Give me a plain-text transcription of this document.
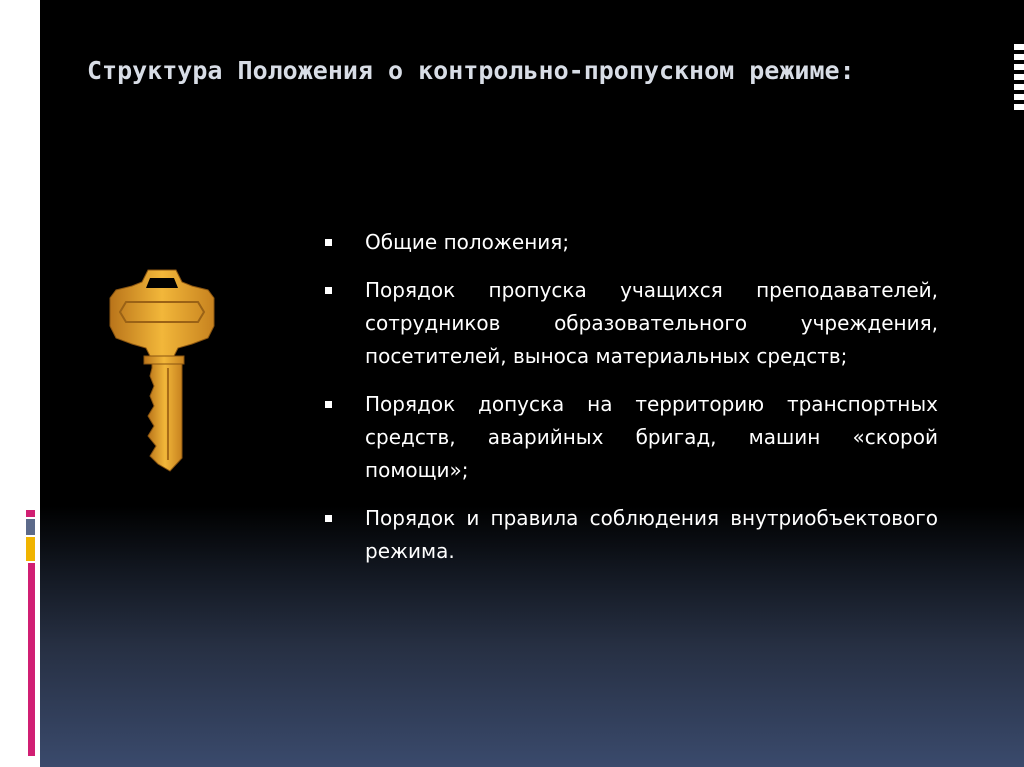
Структура Положения о контрольно-пропускном режиме:
Общие положения;
Порядок пропуска учащихся преподавателей, сотрудников образовательного учреждения, посетителей, выноса материальных средств;
Порядок допуска на территорию транспортных средств, аварийных бригад, машин «скорой помощи»;
Порядок и правила соблюдения внутриобъектового режима.
